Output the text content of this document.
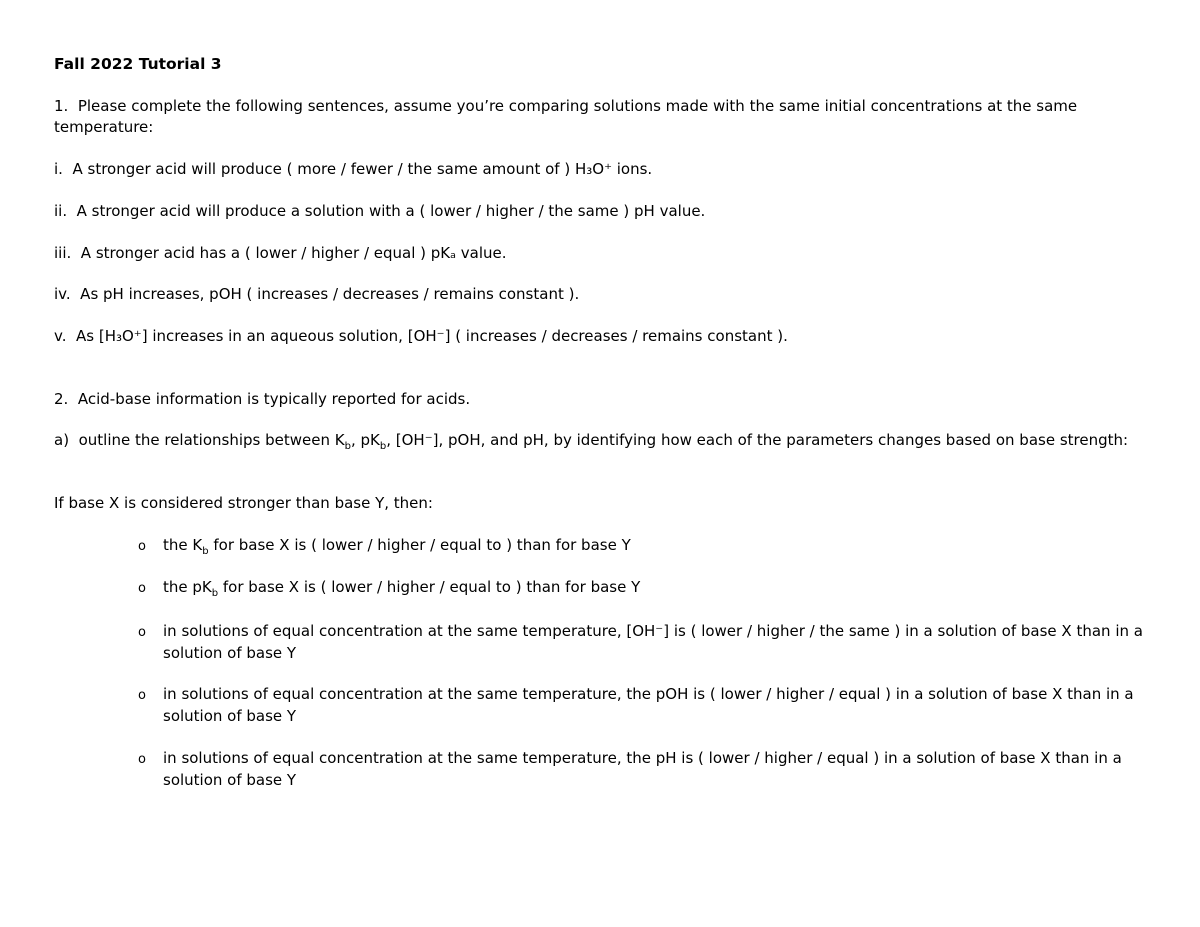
Fall 2022 Tutorial 3
1.  Please complete the following sentences, assume you’re comparing solutions made with the same initial concentrations at the same temperature:
i.  A stronger acid will produce ( more / fewer / the same amount of ) H₃O⁺ ions.
ii.  A stronger acid will produce a solution with a ( lower / higher / the same ) pH value.
iii.  A stronger acid has a ( lower / higher / equal ) pKₐ value.
iv.  As pH increases, pOH ( increases / decreases / remains constant ).
v.  As [H₃O⁺] increases in an aqueous solution, [OH⁻] ( increases / decreases / remains constant ).
2.  Acid-base information is typically reported for acids.
a)  outline the relationships between $K_b$, $pK_b$, [OH⁻], pOH, and pH, by identifying how each of the parameters changes based on base strength:
If base X is considered stronger than base Y, then:
o the $K_b$ for base X is ( lower / higher / equal to ) than for base Y
o the $pK_b$ for base X is ( lower / higher / equal to ) than for base Y
o in solutions of equal concentration at the same temperature, [OH⁻] is ( lower / higher / the same ) in a solution of base X than in a solution of base Y
o in solutions of equal concentration at the same temperature, the pOH is ( lower / higher / equal ) in a solution of base X than in a solution of base Y
o in solutions of equal concentration at the same temperature, the pH is ( lower / higher / equal ) in a solution of base X than in a solution of base Y
